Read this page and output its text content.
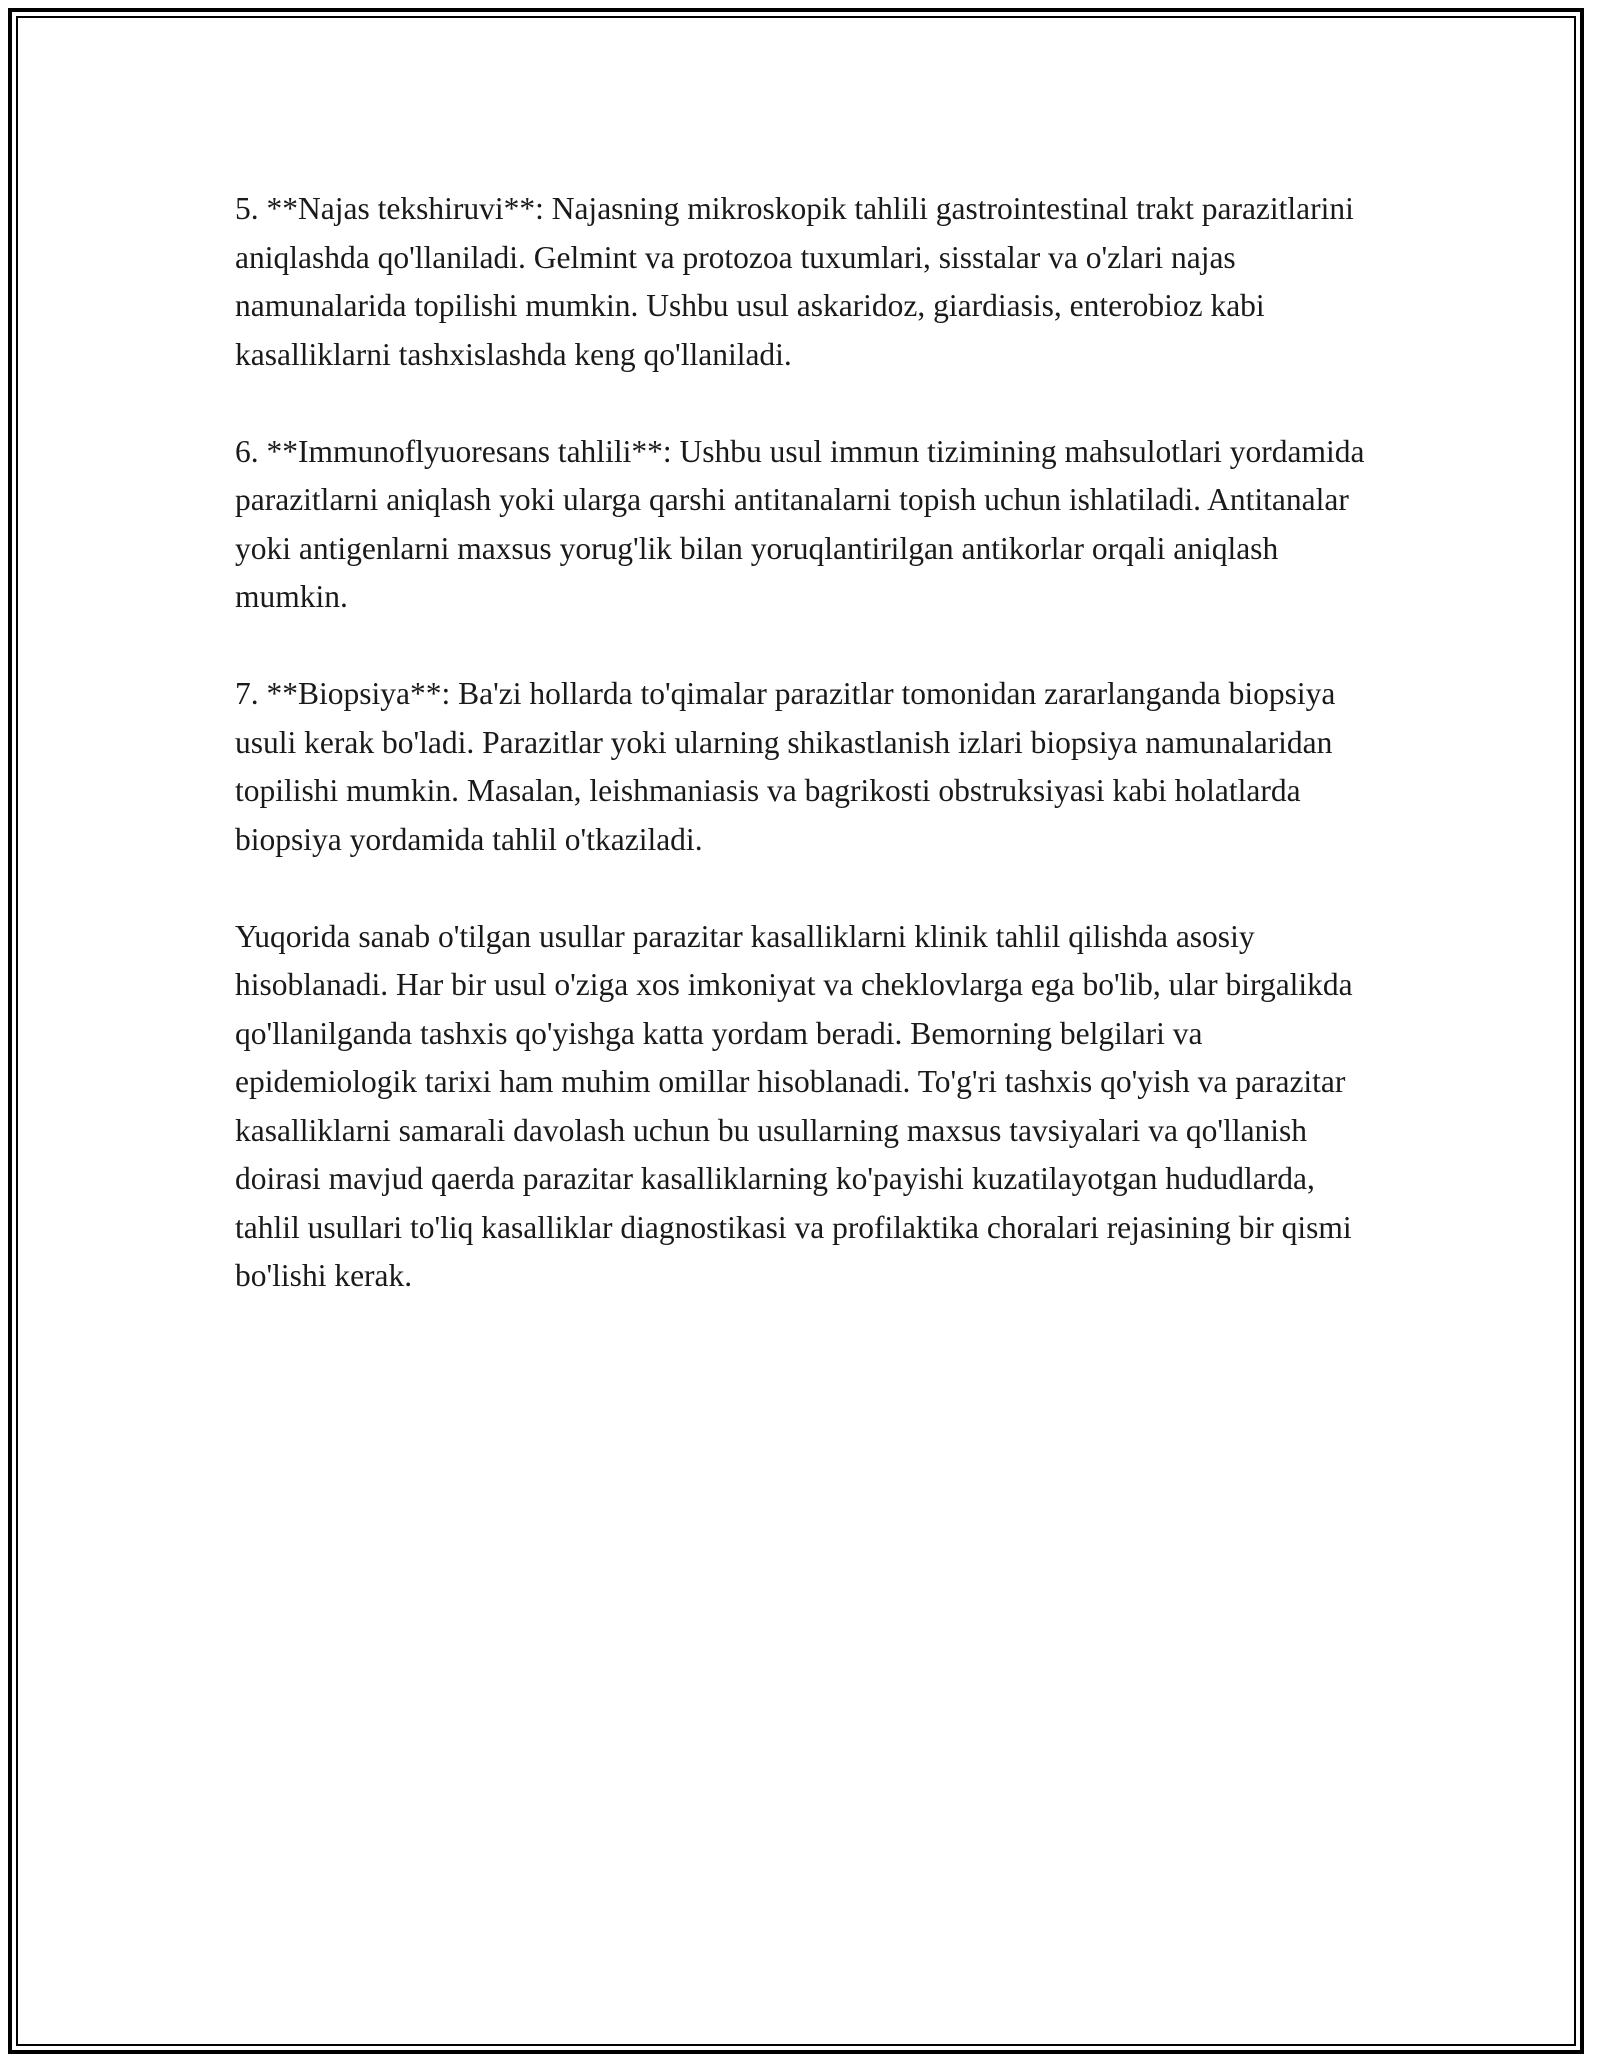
5. **Najas tekshiruvi**: Najasning mikroskopik tahlili gastrointestinal trakt parazitlarini aniqlashda qo'llaniladi. Gelmint va protozoa tuxumlari, sisstalar va o'zlari najas namunalarida topilishi mumkin. Ushbu usul askaridoz, giardiasis, enterobioz kabi kasalliklarni tashxislashda keng qo'llaniladi.

6. **Immunoflyuoresans tahlili**: Ushbu usul immun tizimining mahsulotlari yordamida parazitlarni aniqlash yoki ularga qarshi antitanalarni topish uchun ishlatiladi. Antitanalar yoki antigenlarni maxsus yorug'lik bilan yoruqlantirilgan antikorlar orqali aniqlash mumkin.

7. **Biopsiya**: Ba'zi hollarda to'qimalar parazitlar tomonidan zararlanganda biopsiya usuli kerak bo'ladi. Parazitlar yoki ularning shikastlanish izlari biopsiya namunalaridan topilishi mumkin. Masalan, leishmaniasis va bagrikosti obstruksiyasi kabi holatlarda biopsiya yordamida tahlil o'tkaziladi.

Yuqorida sanab o'tilgan usullar parazitar kasalliklarni klinik tahlil qilishda asosiy hisoblanadi. Har bir usul o'ziga xos imkoniyat va cheklovlarga ega bo'lib, ular birgalikda qo'llanilganda tashxis qo'yishga katta yordam beradi. Bemorning belgilari va epidemiologik tarixi ham muhim omillar hisoblanadi. To'g'ri tashxis qo'yish va parazitar kasalliklarni samarali davolash uchun bu usullarning maxsus tavsiyalari va qo'llanish doirasi mavjud qaerda parazitar kasalliklarning ko'payishi kuzatilayotgan hududlarda, tahlil usullari to'liq kasalliklar diagnostikasi va profilaktika choralari rejasining bir qismi bo'lishi kerak.
